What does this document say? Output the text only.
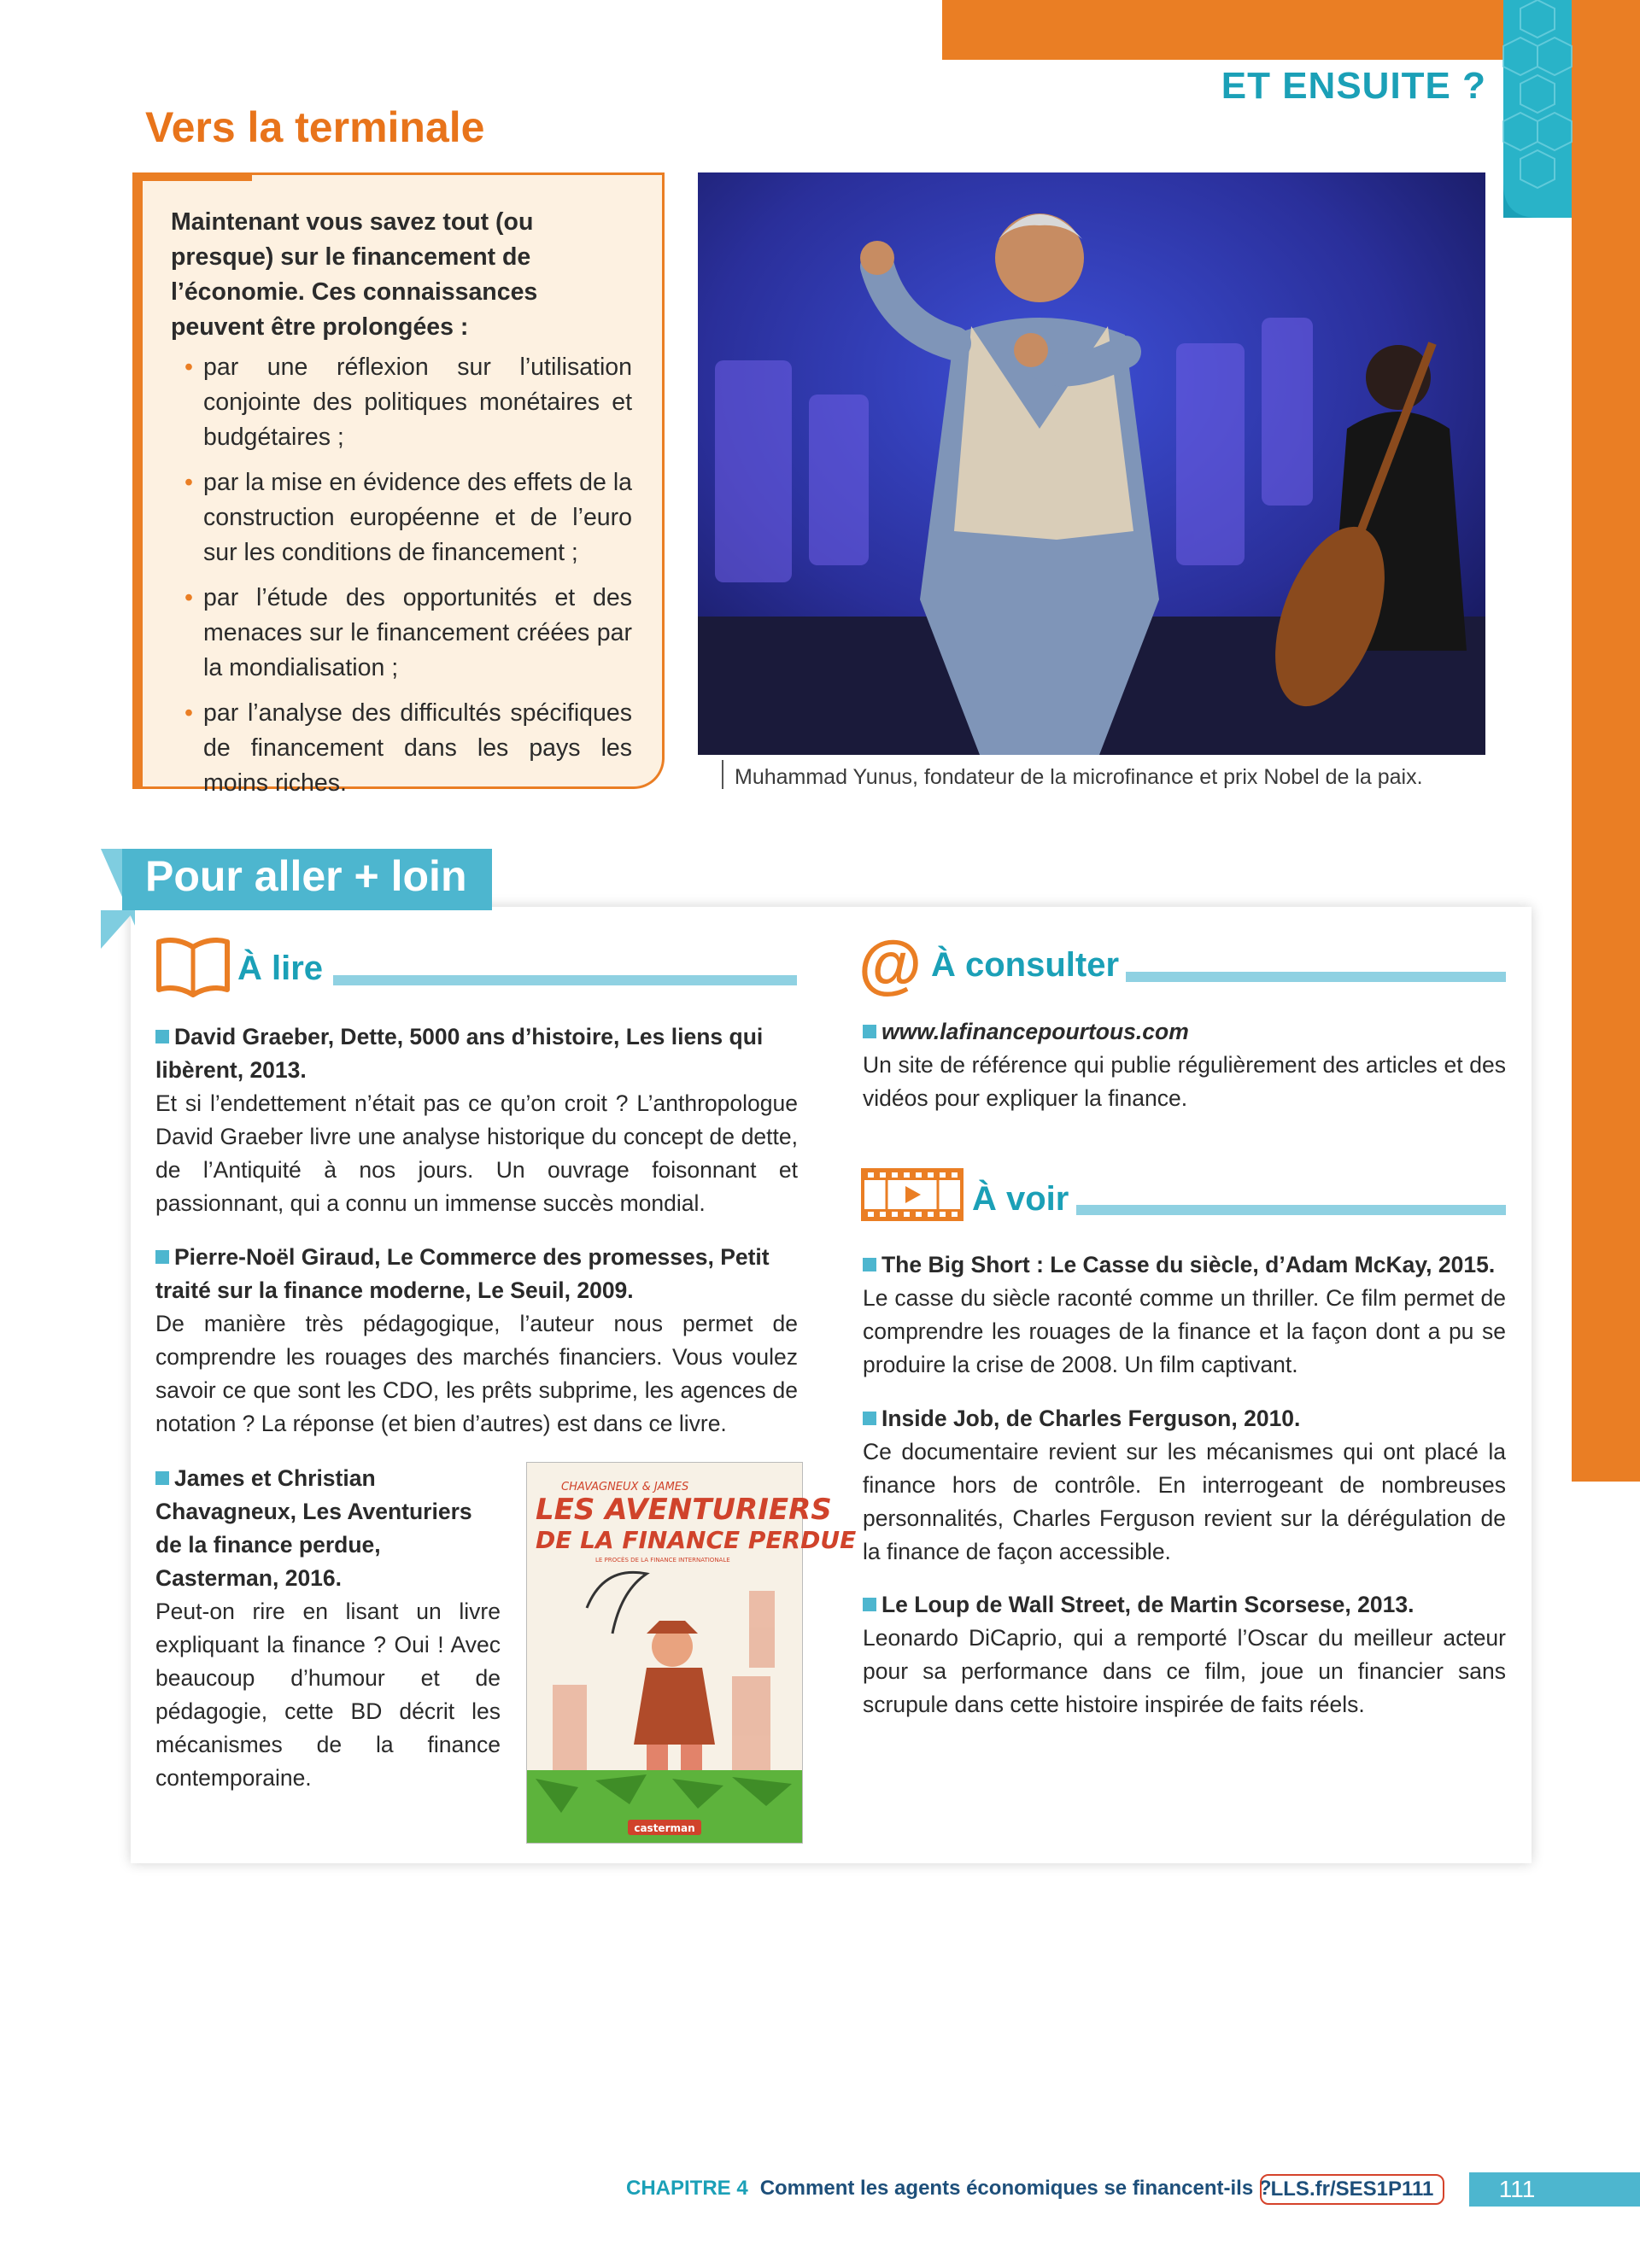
ET ENSUITE ?
Vers la terminale
Maintenant vous savez tout (ou presque) sur le financement de l’économie. Ces connaissances peuvent être prolongées :
• par une réflexion sur l’utilisation conjointe des politiques monétaires et budgétaires ;
• par la mise en évidence des effets de la construction européenne et de l’euro sur les conditions de financement ;
• par l’étude des opportunités et des menaces sur le financement créées par la mondialisation ;
• par l’analyse des difficultés spécifiques de financement dans les pays les moins riches.	Muhammad Yunus, fondateur de la microfinance et prix Nobel de la paix.
Pour aller + loin
À lire

David Graeber, Dette, 5000 ans d’histoire, Les liens qui libèrent, 2013.

Et si l’endettement n’était pas ce qu’on croit ? L’anthropologue David Graeber livre une analyse historique du concept de dette, de l’Antiquité à nos jours. Un ouvrage foisonnant et passionnant, qui a connu un immense succès mondial.

Pierre-Noël Giraud, Le Commerce des promesses, Petit traité sur la finance moderne, Le Seuil, 2009.

De manière très pédagogique, l’auteur nous permet de comprendre les rouages des marchés financiers. Vous voulez savoir ce que sont les CDO, les prêts subprime, les agences de notation ? La réponse (et bien d’autres) est dans ce livre.

James et Christian Chavagneux, Les Aventuriers de la finance perdue, Casterman, 2016.

Peut-on rire en lisant un livre expliquant la finance ? Oui ! Avec beaucoup d’humour et de pédagogie, cette BD décrit les mécanismes de la finance contemporaine.

CHAVAGNEUX & JAMES
LES AVENTURIERS
DE LA FINANCE PERDUE
LE PROCÈS DE LA FINANCE INTERNATIONALE
casterman
@ À consulter

www.lafinancepourtous.com

Un site de référence qui publie régulièrement des articles et des vidéos pour expliquer la finance.

À voir

The Big Short : Le Casse du siècle, d’Adam McKay, 2015.

Le casse du siècle raconté comme un thriller. Ce film permet de comprendre les rouages de la finance et la façon dont a pu se produire la crise de 2008. Un film captivant.

Inside Job, de Charles Ferguson, 2010.

Ce documentaire revient sur les mécanismes qui ont placé la finance hors de contrôle. En interrogeant de nombreuses personnalités, Charles Ferguson revient sur la dérégulation de la finance de façon accessible.

Le Loup de Wall Street, de Martin Scorsese, 2013.

Leonardo DiCaprio, qui a remporté l’Oscar du meilleur acteur pour sa performance dans ce film, joue un financier sans scrupule dans cette histoire inspirée de faits réels.

CHAPITRE 4 Comment les agents économiques se financent-ils ? LLS.fr/SES1P111	111
